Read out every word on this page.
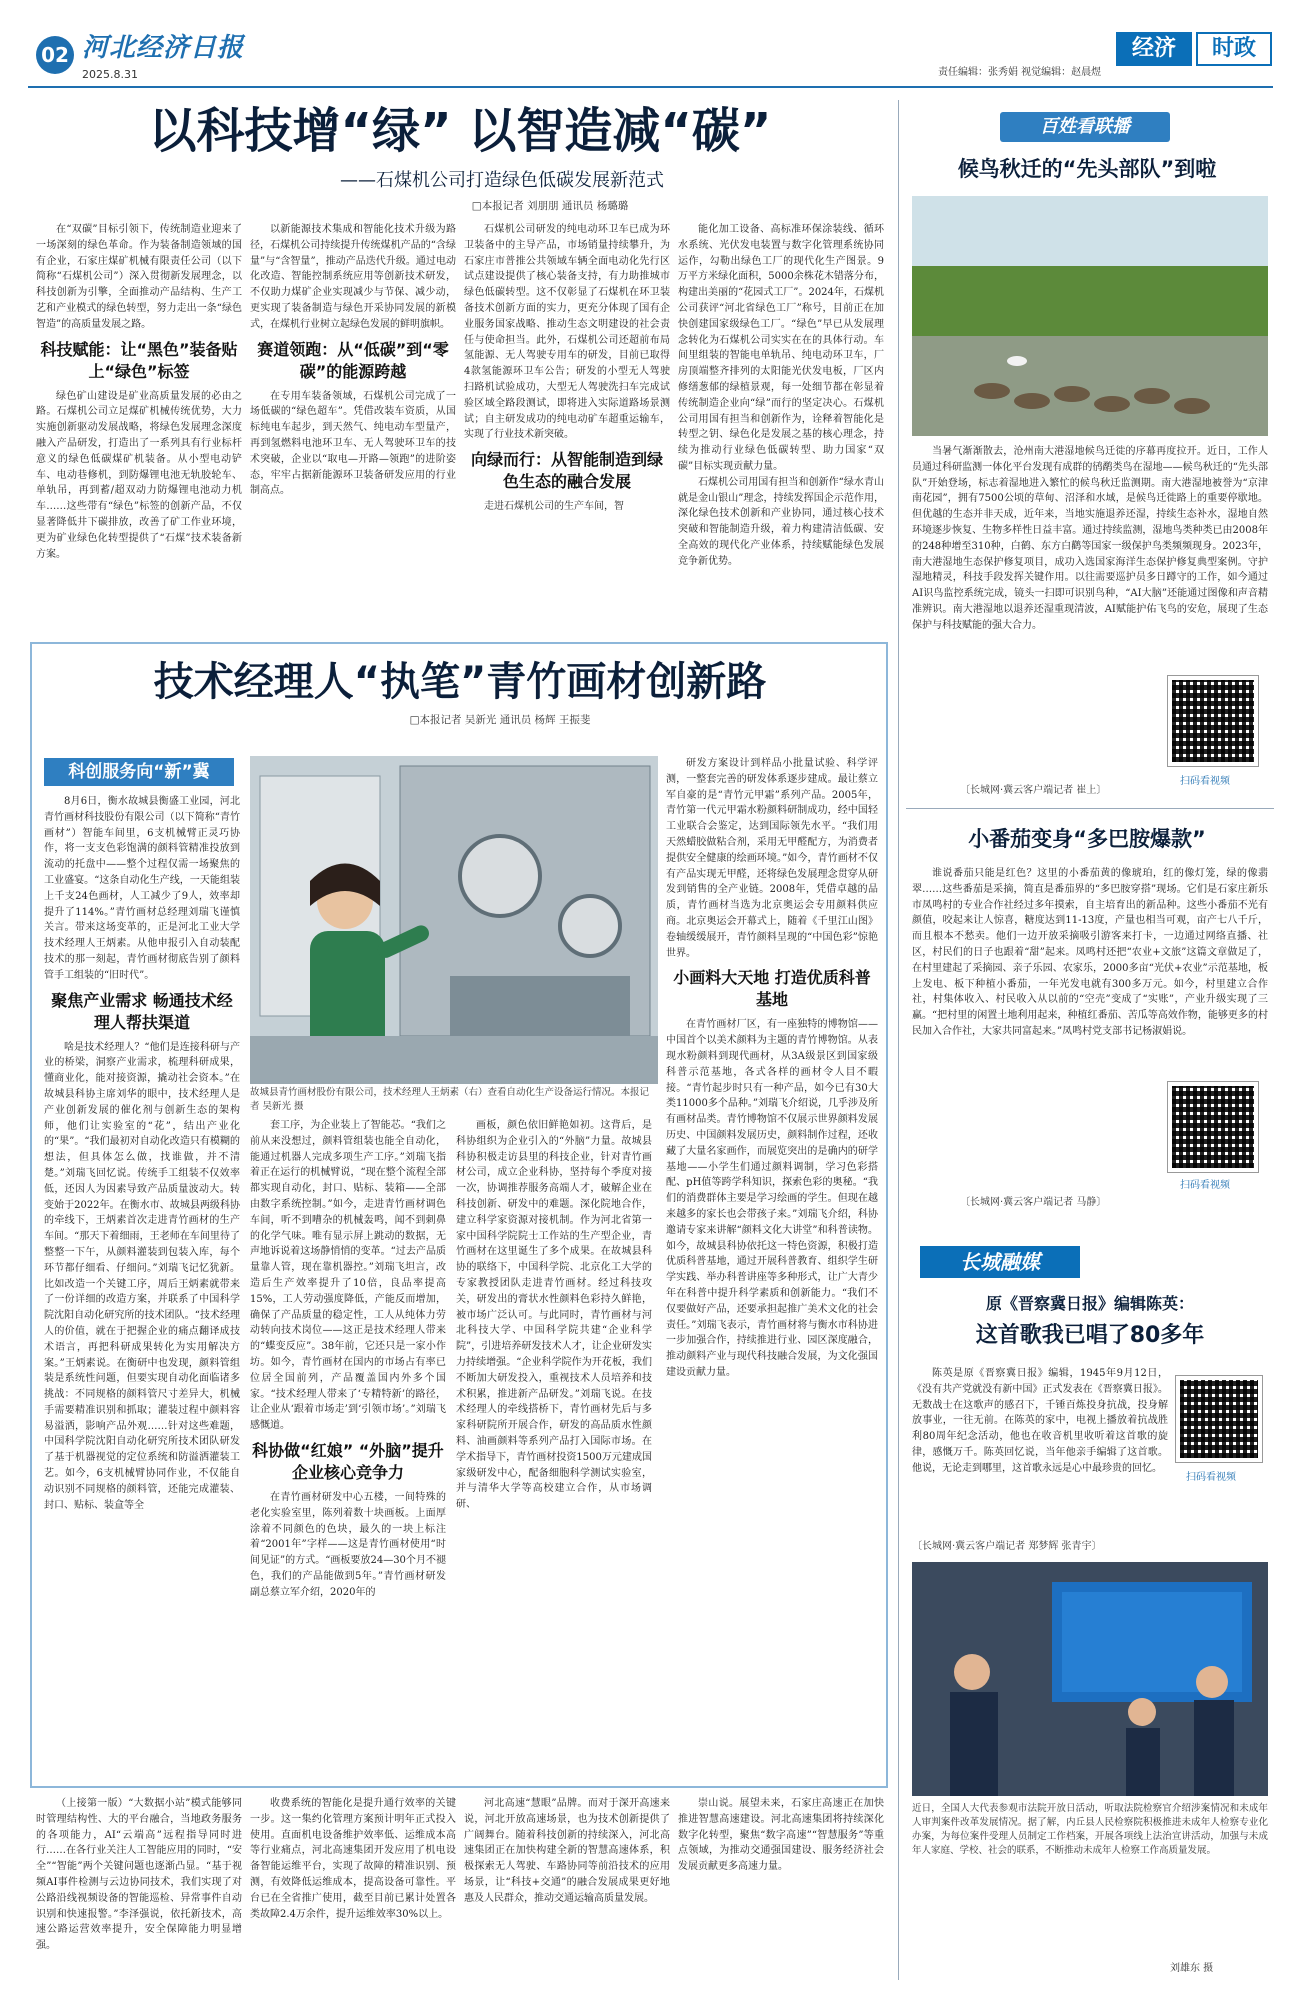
02 河北经济日报
2025.8.31	责任编辑：张秀娟 视觉编辑：赵晨煜
经济	时政
以科技增“绿” 以智造减“碳”
——石煤机公司打造绿色低碳发展新范式
□本报记者 刘朋朋 通讯员 杨璐璐

在“双碳”目标引领下，传统制造业迎来了一场深刻的绿色革命。作为装备制造领域的国有企业，石家庄煤矿机械有限责任公司（以下简称“石煤机公司”）深入贯彻新发展理念，以科技创新为引擎，全面推动产品结构、生产工艺和产业模式的绿色转型，努力走出一条“绿色智造”的高质量发展之路。

科技赋能：让“黑色”装备贴上“绿色”标签

绿色矿山建设是矿业高质量发展的必由之路。石煤机公司立足煤矿机械传统优势，大力实施创新驱动发展战略，将绿色发展理念深度融入产品研发，打造出了一系列具有行业标杆意义的绿色低碳煤矿机装备。从小型电动铲车、电动巷修机，到防爆锂电池无轨胶轮车、单轨吊，再到蓄/超双动力防爆锂电池动力机车……这些带有“绿色”标签的创新产品，不仅显著降低井下碳排放，改善了矿工作业环境，更为矿业绿色化转型提供了“石煤”技术装备新方案。

以新能源技术集成和智能化技术升级为路径，石煤机公司持续提升传统煤机产品的“含绿量”与“含智量”，推动产品迭代升级。通过电动化改造、智能控制系统应用等创新技术研发，不仅助力煤矿企业实现减少与节保、减少动，更实现了装备制造与绿色开采协同发展的新模式，在煤机行业树立起绿色发展的鲜明旗帜。

赛道领跑：从“低碳”到“零碳”的能源跨越

在专用车装备领域，石煤机公司完成了一场低碳的“绿色超车”。凭借改装车资质，从国标纯电车起步，到天然气、纯电动车型量产，再到氢燃料电池环卫车、无人驾驶环卫车的技术突破，企业以“取电—开路—领跑”的进阶姿态，牢牢占据新能源环卫装备研发应用的行业制高点。

石煤机公司研发的纯电动环卫车已成为环卫装备中的主导产品，市场销量持续攀升，为石家庄市普推公共领域车辆全面电动化先行区试点建设提供了核心装备支持，有力助推城市绿色低碳转型。这不仅彰显了石煤机在环卫装备技术创新方面的实力，更充分体现了国有企业服务国家战略、推动生态文明建设的社会责任与使命担当。此外，石煤机公司还超前布局氢能源、无人驾驶专用车的研发，目前已取得4款氢能源环卫车公告；研发的小型无人驾驶扫路机试验成功，大型无人驾驶洗扫车完成试验区域全路段测试，即将进入实际道路场景测试；自主研发成功的纯电动矿车超重运输车，实现了行业技术新突破。

向绿而行：从智能制造到绿色生态的融合发展

走进石煤机公司的生产车间，智

能化加工设备、高标准环保涂装线、循环水系统、光伏发电装置与数字化管理系统协同运作，勾勒出绿色工厂的现代化生产图景。9万平方米绿化面积，5000余株花木错落分布，构建出美丽的“花园式工厂”。2024年，石煤机公司获评“河北省绿色工厂”称号，目前正在加快创建国家级绿色工厂。“绿色”早已从发展理念转化为石煤机公司实实在在的具体行动。车间里组装的智能电单轨吊、纯电动环卫车，厂房顶端整齐排列的太阳能光伏发电板，厂区内修缮葱郁的绿植景观，每一处细节都在彰显着传统制造企业向“绿”而行的坚定决心。石煤机公司用国有担当和创新作为，诠释着智能化是转型之钥、绿色化是发展之基的核心理念，持续为推动行业绿色低碳转型、助力国家“双碳”目标实现贡献力量。

石煤机公司用国有担当和创新作“绿水青山就是金山银山”理念，持续发挥国企示范作用，深化绿色技术创新和产业协同，通过核心技术突破和智能制造升级，着力构建清洁低碳、安全高效的现代化产业体系，持续赋能绿色发展竞争新优势。

技术经理人“执笔”青竹画材创新路
□本报记者 吴新光 通讯员 杨辉 王振斐
科创服务向“新”冀

8月6日，衡水故城县衡盛工业园，河北青竹画材科技股份有限公司（以下简称“青竹画材”）智能车间里，6支机械臂正灵巧协作，将一支支色彩饱满的颜料管精准投放到流动的托盘中——整个过程仅需一场聚焦的工业盛宴。“这条自动化生产线，一天能组装上千支24色画材，人工减少了9人，效率却提升了114%。”青竹画材总经理刘瑞飞谨慎关言。带来这场变革的，正是河北工业大学技术经理人王炳素。从他申报引入自动装配技术的那一刻起，青竹画材彻底告别了颜料管手工组装的“旧时代”。

聚焦产业需求 畅通技术经理人帮扶渠道

啥是技术经理人？“他们是连接科研与产业的桥梁，洞察产业需求，梳理科研成果，懂商业化，能对接资源，撬动社会资本。”在故城县科协主席刘华的眼中，技术经理人是产业创新发展的催化剂与创新生态的架构师，他们让实验室的“花”，结出产业化的“果”。“我们最初对自动化改造只有模糊的想法，但具体怎么做，找谁做，并不清楚。”刘瑞飞回忆说。传统手工组装不仅效率低，还因人为因素导致产品质量波动大。转变始于2022年。在衡水市、故城县两级科协的牵线下，王炳素首次走进青竹画材的生产车间。“那天下着细雨，王老师在车间里待了整整一下午，从颜料灌装到包装入库，每个环节都仔细看、仔细问。”刘瑞飞记忆犹新。比如改造一个关键工序，周后王炳素就带来了一份详细的改造方案，并联系了中国科学院沈阳自动化研究所的技术团队。“技术经理人的价值，就在于把握企业的痛点翻译成技术语言，再把科研成果转化为实用解决方案。”王炳素说。在衡研中也发现，颜料管组装是系统性问题，但要实现自动化面临诸多挑战：不同规格的颜料管尺寸差异大，机械手需要精准识别和抓取；灌装过程中颜料容易溢洒，影响产品外观……针对这些难题，中国科学院沈阳自动化研究所技术团队研发了基于机器视觉的定位系统和防溢洒灌装工艺。如今，6支机械臂协同作业，不仅能自动识别不同规格的颜料管，还能完成灌装、封口、贴标、装盒等全

故城县青竹画材股份有限公司，技术经理人王炳素（右）查看自动化生产设备运行情况。本报记者 吴新光 摄

套工序，为企业装上了智能芯。“我们之前从来没想过，颜料管组装也能全自动化，能通过机器人完成多项生产工序。”刘瑞飞指着正在运行的机械臂说，“现在整个流程全部都实现自动化，封口、贴标、装箱——全部由数字系统控制。”如今，走进青竹画材调色车间，听不到嘈杂的机械轰鸣，闻不到刺鼻的化学气味。唯有显示屏上跳动的数据，无声地诉说着这场静悄悄的变革。“过去产品质量靠人管，现在靠机器控。”刘瑞飞坦言，改造后生产效率提升了10倍，良品率提高15%，工人劳动强度降低，产能反而增加，确保了产品质量的稳定性，工人从纯体力劳动转向技术岗位——这正是技术经理人带来的“蝶变反应”。38年前，它还只是一家小作坊。如今，青竹画材在国内的市场占有率已位居全国前列，产品覆盖国内外多个国家。“技术经理人带来了‘专精特新’的路径，让企业从‘跟着市场走’到‘引领市场’。”刘瑞飞感慨道。

科协做“红娘” “外脑”提升企业核心竞争力

在青竹画材研发中心五楼，一间特殊的老化实验室里，陈列着数十块画板。上面厚涂着不同颜色的色块，最久的一块上标注着“2001年”字样——这是青竹画材使用“时间见证”的方式。“画板要放24—30个月不褪色，我们的产品能做到5年。”青竹画材研发副总蔡立军介绍，2020年的

画板，颜色依旧鲜艳如初。这背后，是科协组织为企业引入的“外脑”力量。故城县科协积极走访县里的科技企业，针对青竹画材公司，成立企业科协，坚持每个季度对接一次，协调推荐服务高端人才，破解企业在科技创新、研发中的难题。深化院地合作，建立科学家资源对接机制。作为河北省第一家中国科学院院士工作站的生产型企业，青竹画材在这里诞生了多个成果。在故城县科协的联络下，中国科学院、北京化工大学的专家教授团队走进青竹画材。经过科技攻关，研发出的膏状水性颜料色彩持久鲜艳，被市场广泛认可。与此同时，青竹画材与河北科技大学、中国科学院共建“企业科学院”，引进培养研发技术人才，让企业研发实力持续增强。“企业科学院作为开花板，我们不断加大研发投入，重视技术人员培养和技术积累，推进新产品研发。”刘瑞飞说。在技术经理人的牵线搭桥下，青竹画材先后与多家科研院所开展合作，研发的高品质水性颜料、油画颜料等系列产品打入国际市场。在学术指导下，青竹画材投资1500万元建成国家级研发中心，配备细胞科学测试实验室，并与清华大学等高校建立合作，从市场调研、

研发方案设计到样品小批量试验、科学评测，一整套完善的研发体系逐步建成。最让蔡立军自豪的是“青竹元甲霜”系列产品。2005年，青竹第一代元甲霜水粉颜料研制成功，经中国轻工业联合会鉴定，达到国际领先水平。“我们用天然蜡胶做粘合剂，采用无甲醛配方，为消费者提供安全健康的绘画环境。”如今，青竹画材不仅有产品实现无甲醛，还将绿色发展理念贯穿从研发到销售的全产业链。2008年，凭借卓越的品质，青竹画材当选为北京奥运会专用颜料供应商。北京奥运会开幕式上，随着《千里江山图》卷轴缓缓展开，青竹颜料呈现的“中国色彩”惊艳世界。

小画料大天地 打造优质科普基地

在青竹画材厂区，有一座独特的博物馆——中国首个以美术颜料为主题的青竹博物馆。从表现水粉颜料到现代画材，从3A级景区到国家级科普示范基地，各式各样的画材令人目不暇接。“青竹起步时只有一种产品，如今已有30大类11000多个品种。”刘瑞飞介绍说，几乎涉及所有画材品类。青竹博物馆不仅展示世界颜料发展历史、中国颜料发展历史，颜料制作过程，还收藏了大量名家画作，而展览突出的是确内的研学基地——小学生们通过颜料调制，学习色彩搭配、pH值等跨学科知识，探索色彩的奥秘。“我们的消费群体主要是学习绘画的学生。但现在越来越多的家长也会带孩子来。”刘瑞飞介绍，科协邀请专家来讲解“颜料文化大讲堂”和科普读物。如今，故城县科协依托这一特色资源，积极打造优质科普基地，通过开展科普教育、组织学生研学实践、举办科普讲座等多种形式，让广大青少年在科普中提升科学素质和创新能力。“我们不仅要做好产品，还要承担起推广美术文化的社会责任。”刘瑞飞表示，青竹画材将与衡水市科协进一步加强合作，持续推进行业、园区深度融合，推动颜料产业与现代科技融合发展，为文化强国建设贡献力量。

（上接第一版）“大数据小站”模式能够同时管理结构性、大的平台融合，当地政务服务的各项能力，AI“云端高”远程指导同时进行……在各行业关注人工智能应用的同时，“安全”“智能”两个关键问题也逐渐凸显。“基于视频AI事件检测与云边协同技术，我们实现了对公路沿线视频设备的智能巡检、异常事件自动识别和快速报警。”李泽强说，依托新技术，高速公路运营效率提升，安全保障能力明显增强。

收费系统的智能化是提升通行效率的关键一步。这一集约化管理方案预计明年正式投入使用。直面机电设备维护效率低、运维成本高等行业痛点，河北高速集团开发应用了机电设备智能运维平台，实现了故障的精准识别、预测，有效降低运维成本，提高设备可靠性。平台已在全省推广使用，截至目前已累计处置各类故障2.4万余件，提升运维效率30%以上。

河北高速“慧眼”品牌。而对于深开高速来说，河北开放高速场景，也为技术创新提供了广阔舞台。随着科技创新的持续深入，河北高速集团正在加快构建全新的智慧高速体系，积极探索无人驾驶、车路协同等前沿技术的应用场景，让“科技+交通”的融合发展成果更好地惠及人民群众，推动交通运输高质量发展。

崇山说。展望未来，石家庄高速正在加快推进智慧高速建设。河北高速集团将持续深化数字化转型，聚焦“数字高速”“智慧服务”等重点领域，为推动交通强国建设、服务经济社会发展贡献更多高速力量。

百姓看联播
候鸟秋迁的“先头部队”到啦

当暑气渐渐散去，沧州南大港湿地候鸟迁徙的序幕再度拉开。近日，工作人员通过科研监测一体化平台发现有成群的鸻鹬类鸟在湿地——候鸟秋迁的“先头部队”开始登场，标志着湿地进入繁忙的候鸟秋迁监测期。南大港湿地被誉为“京津南花园”，拥有7500公顷的草甸、沼泽和水域，是候鸟迁徙路上的重要停歇地。但优越的生态并非天成，近年来，当地实施退养还湿，持续生态补水，湿地自然环境逐步恢复、生物多样性日益丰富。通过持续监测，湿地鸟类种类已由2008年的248种增至310种，白鹤、东方白鹳等国家一级保护鸟类频频现身。2023年，南大港湿地生态保护修复项目，成功入选国家海洋生态保护修复典型案例。守护湿地精灵，科技手段发挥关键作用。以往需要巡护员多日蹲守的工作，如今通过AI识鸟监控系统完成，镜头一扫即可识别鸟种，“AI大脑”还能通过图像和声音精准辨识。南大港湿地以退养还湿重现清波，AI赋能护佑飞鸟的安危，展现了生态保护与科技赋能的强大合力。

扫码看视频
〔长城网·冀云客户端记者 崔上〕
小番茄变身“多巴胺爆款”

谁说番茄只能是红色？这里的小番茄黄的像琥珀，红的像灯笼，绿的像翡翠……这些番茄是采摘，简直是番茄界的“多巴胺穿搭”现场。它们是石家庄新乐市凤鸣村的专业合作社经过多年摸索，自主培育出的新品种。这些小番茄不光有颜值，咬起来让人惊喜，糖度达到11-13度，产量也相当可观，亩产七八千斤，而且根本不愁卖。他们一边开放采摘吸引游客来打卡，一边通过网络直播、社区，村民们的日子也跟着“甜”起来。凤鸣村还把“农业+文旅”这篇文章做足了，在村里建起了采摘园、亲子乐园、农家乐，2000多亩“光伏+农业”示范基地，板上发电、板下种植小番茄，一年光发电就有300多万元。如今，村里建立合作社，村集体收入、村民收入从以前的“空壳”变成了“实账”，产业升级实现了三赢。“把村里的闲置土地利用起来，种植红番茄、苦瓜等高效作物，能够更多的村民加入合作社，大家共同富起来。”凤鸣村党支部书记杨淑娟说。

扫码看视频
〔长城网·冀云客户端记者 马静〕
长城融媒
原《晋察冀日报》编辑陈英：
这首歌我已唱了80多年

陈英是原《晋察冀日报》编辑，1945年9月12日，《没有共产党就没有新中国》正式发表在《晋察冀日报》。无数战士在这歌声的感召下，千锤百炼投身抗战，投身解放事业，一往无前。在陈英的家中，电视上播放着抗战胜利80周年纪念活动，他也在收音机里收听着这首歌的旋律，感慨万千。陈英回忆说，当年他亲手编辑了这首歌。他说，无论走到哪里，这首歌永远是心中最珍贵的回忆。

扫码看视频
〔长城网·冀云客户端记者 郑梦辉 张青宇〕
近日，全国人大代表参观市法院开放日活动，听取法院检察官介绍涉案情况和未成年人审判案件改革发展情况。据了解，内丘县人民检察院积极推进未成年人检察专业化办案，为每位案件受理人员制定工作档案，开展各项线上法治宣讲活动，加强与未成年人家庭、学校、社会的联系，不断推动未成年人检察工作高质量发展。
刘雄东 摄
